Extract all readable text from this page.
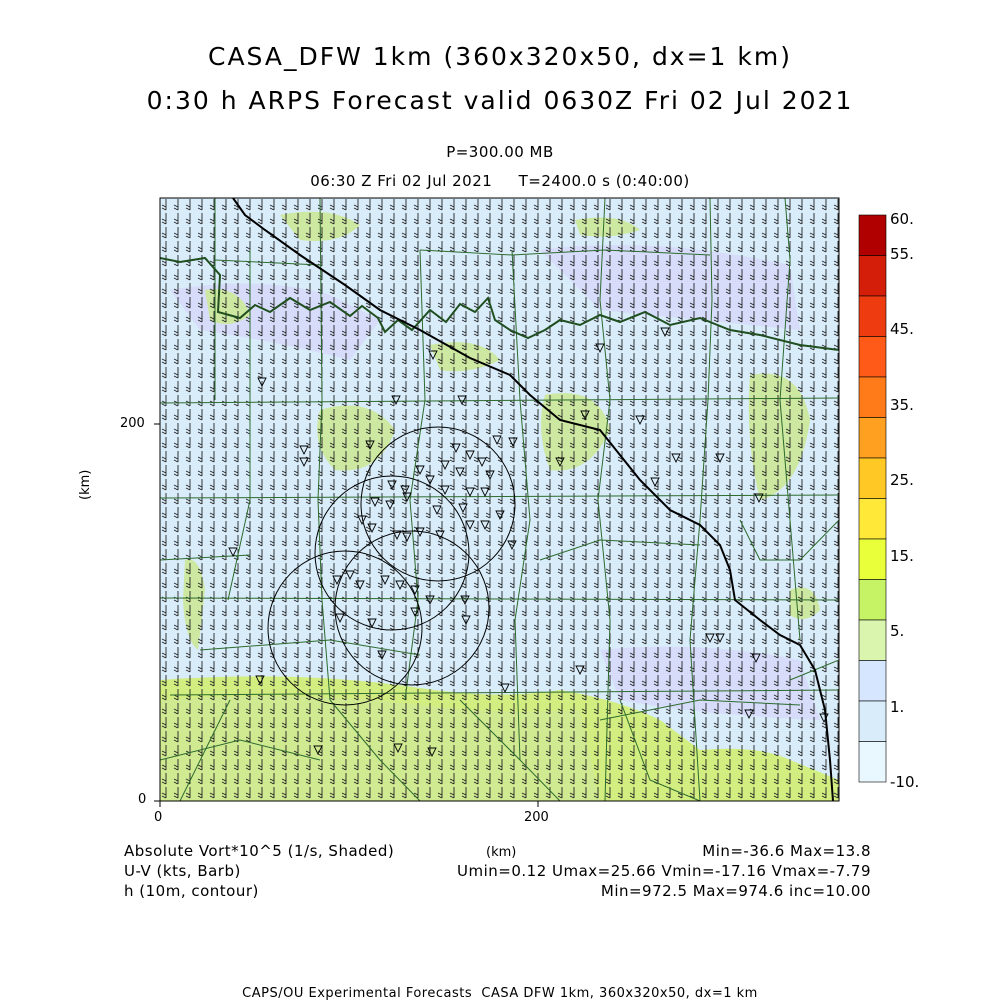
CASA_DFW 1km (360x320x50, dx=1 km)
0:30 h ARPS Forecast valid 0630Z Fri 02 Jul 2021
P=300.00 MB
06:30 Z Fri 02 Jul 2021     T=2400.0 s (0:40:00)
0	200
0
200
(km)
(km)
60.
55.
45.
35.
25.
15.
5.
1.
-10.
Absolute Vort*10^5 (1/s, Shaded)
U-V (kts, Barb)
h (10m, contour)
Min=-36.6 Max=13.8
Umin=0.12 Umax=25.66 Vmin=-17.16 Vmax=-7.79
Min=972.5 Max=974.6 inc=10.00
CAPS/OU Experimental Forecasts  CASA DFW 1km, 360x320x50, dx=1 km
